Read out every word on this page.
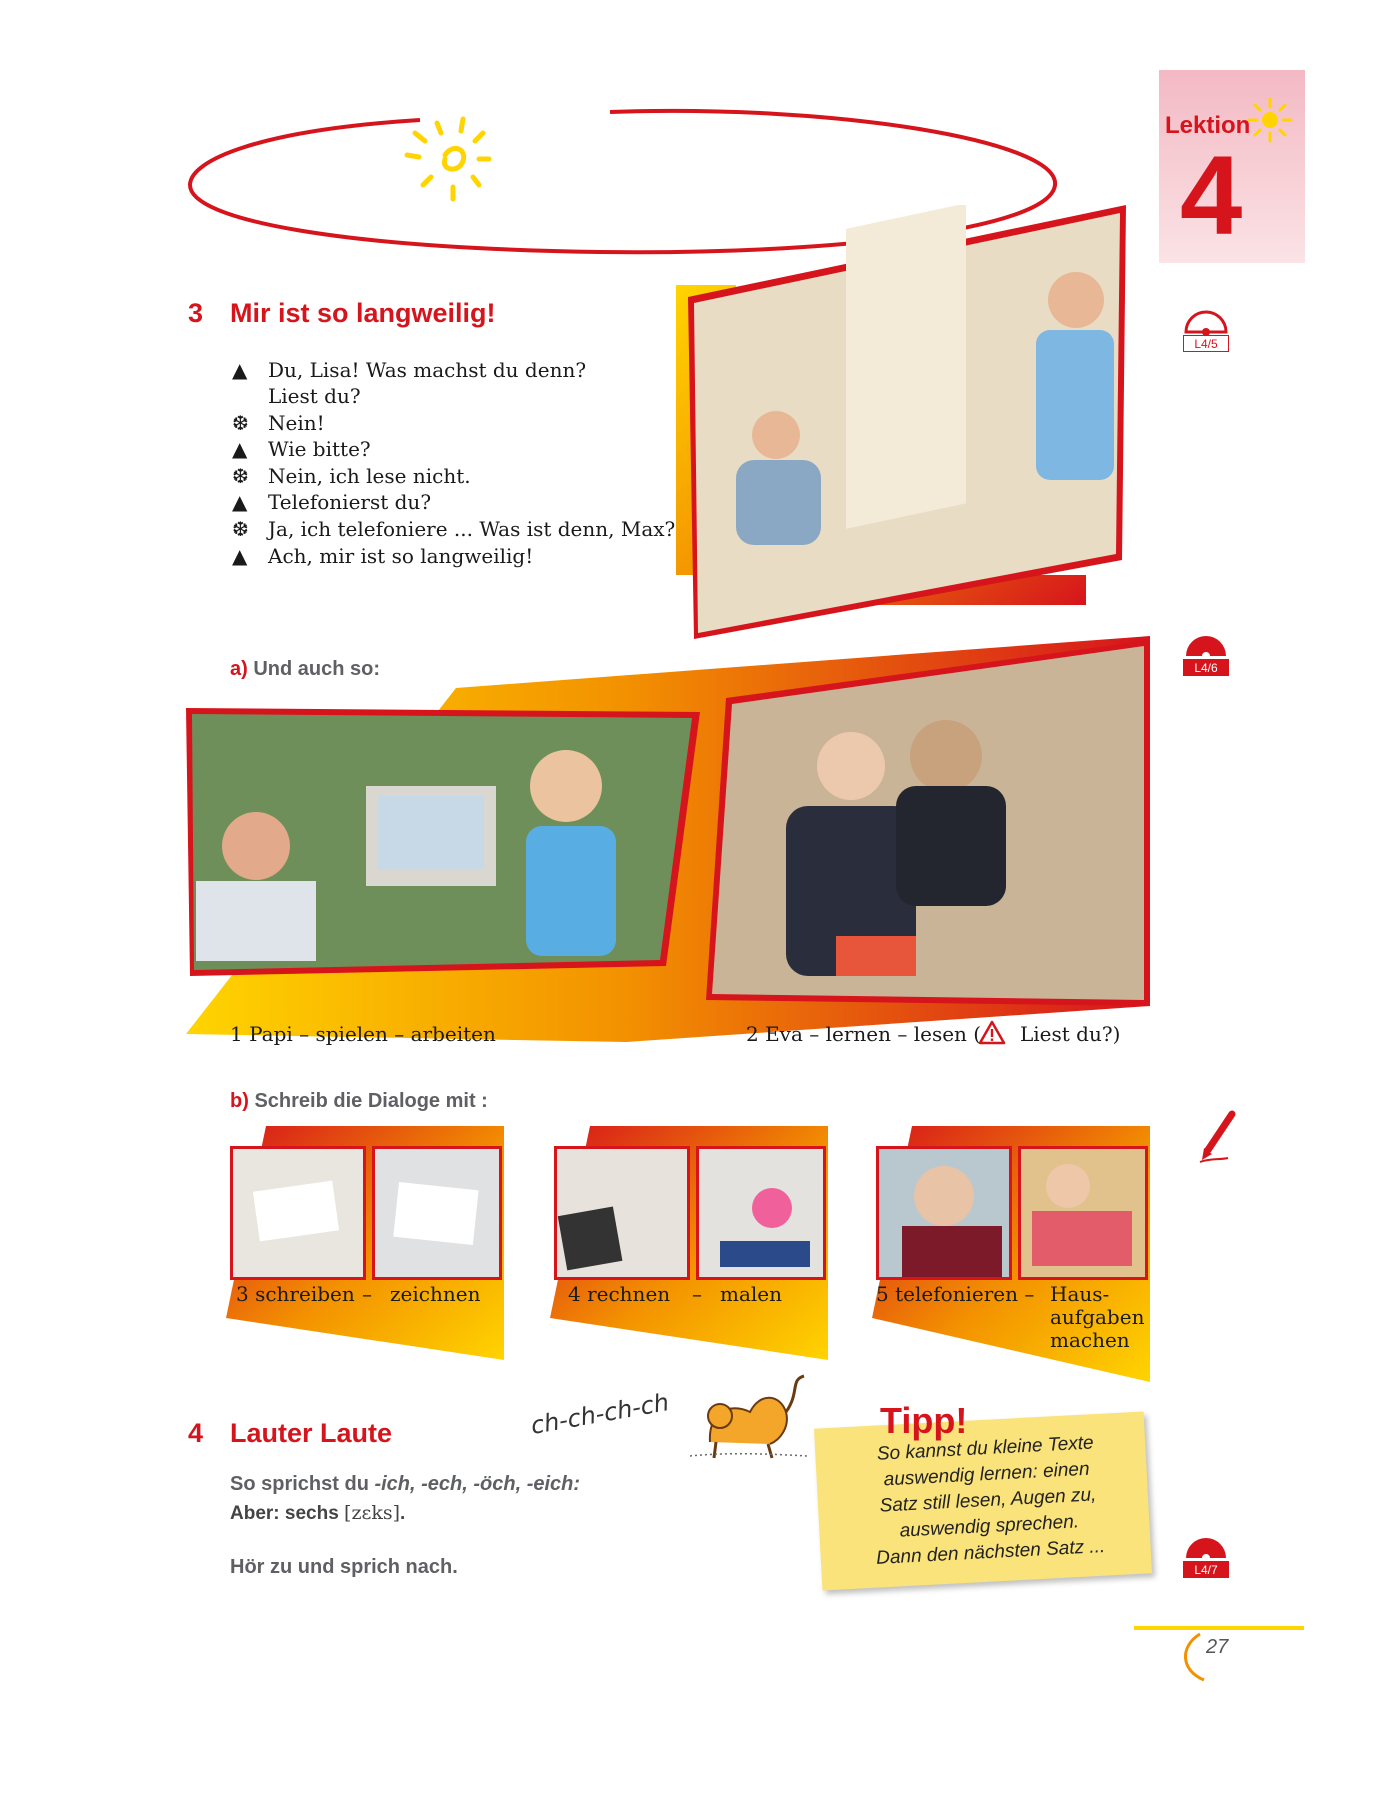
Lektion
4
3 Mir ist so langweilig!
▲	Du, Lisa! Was machst du denn?
Liest du?
❆ Nein!
▲	Wie bitte?
❆ Nein, ich lese nicht.
▲	Telefonierst du?
❆ Ja, ich telefoniere ... Was ist denn, Max?
▲	Ach, mir ist so langweilig!
L4/5
L4/6
L4/7
a) Und auch so:
1 Papi – spielen – arbeiten	2 Eva – lernen – lesen ( Liest du?)
b) Schreib die Dialoge mit :
3 schreiben – zeichnen	4 rechnen – malen	5 telefonieren – Haus-
aufgaben
machen
4 Lauter Laute	ch-ch-ch-ch
So sprichst du -ich, -ech, -öch, -eich:
Aber: sechs [zɛks].
Hör zu und sprich nach.
Tipp!
So kannst du kleine Texte
auswendig lernen: einen
Satz still lesen, Augen zu,
auswendig sprechen.
Dann den nächsten Satz ...
27
